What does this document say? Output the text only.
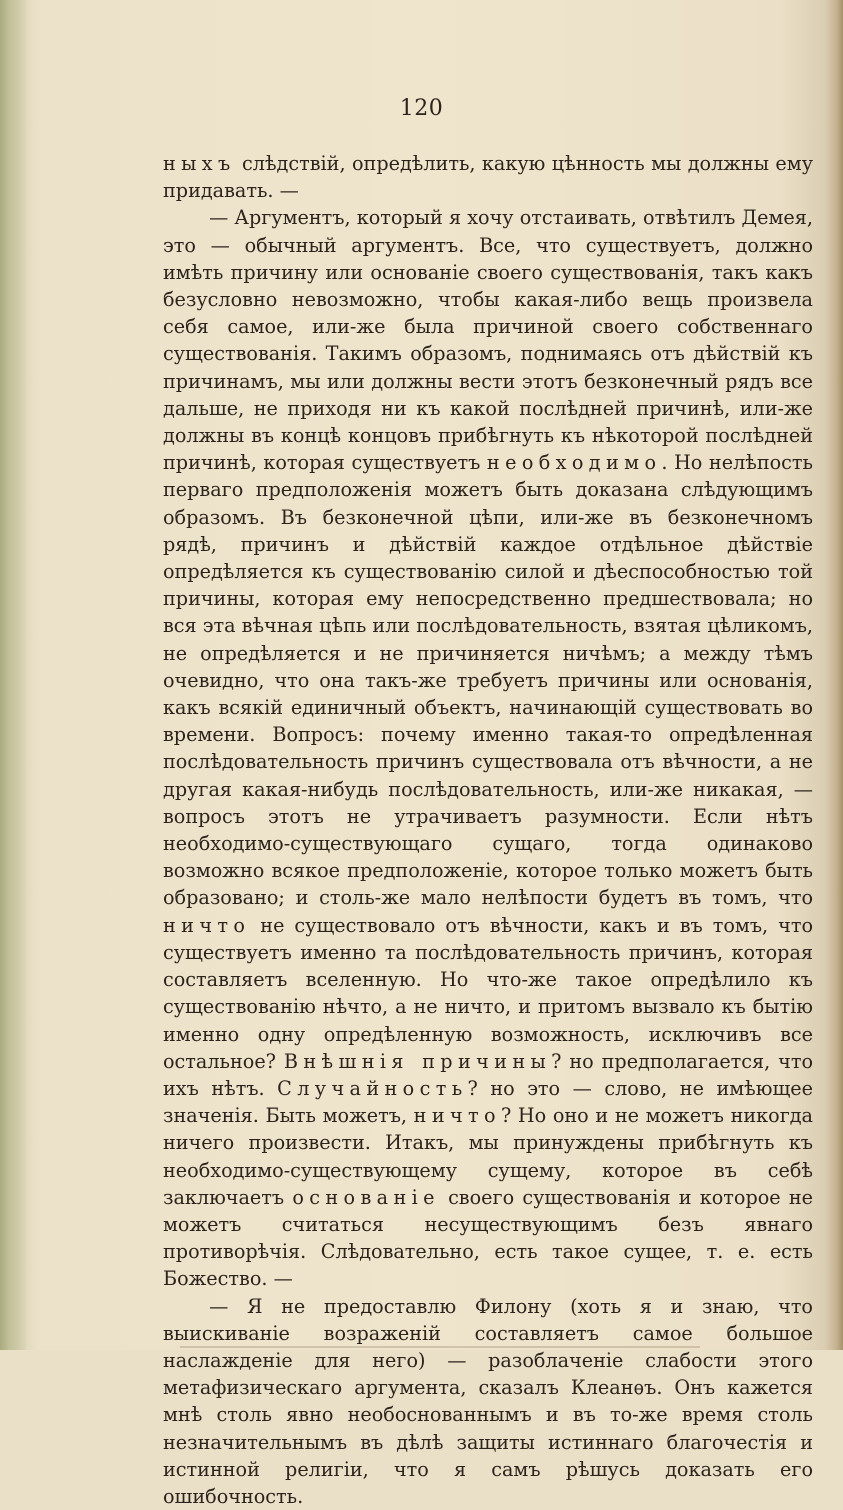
120

ныхъ слѣдствій, опредѣлить, какую цѣнность мы должны ему придавать. —

— Аргументъ, который я хочу отстаивать, отвѣтилъ Демея, это — обычный аргументъ. Все, что существуетъ, должно имѣть причину или основаніе своего существованія, такъ какъ безусловно невозможно, чтобы какая-либо вещь произвела себя самое, или-же была причиной своего собственнаго существованія. Такимъ образомъ, поднимаясь отъ дѣйствій къ причинамъ, мы или должны вести этотъ безконечный рядъ все дальше, не приходя ни къ какой послѣдней причинѣ, или-же должны въ концѣ концовъ прибѣгнуть къ нѣкоторой послѣдней причинѣ, которая существуетъ необходимо. Но нелѣпость перваго предположенія можетъ быть доказана слѣдующимъ образомъ. Въ безконечной цѣпи, или-же въ безконечномъ рядѣ, причинъ и дѣйствій каждое отдѣльное дѣйствіе опредѣляется къ существованію силой и дѣеспособностью той причины, которая ему непосредственно предшествовала; но вся эта вѣчная цѣпь или послѣдовательность, взятая цѣликомъ, не опредѣляется и не причиняется ничѣмъ; а между тѣмъ очевидно, что она такъ-же требуетъ причины или основанія, какъ всякій единичный объектъ, начинающій существовать во времени. Вопросъ: почему именно такая-то опредѣленная послѣдовательность причинъ существовала отъ вѣчности, а не другая какая-нибудь послѣдовательность, или-же никакая, — вопросъ этотъ не утрачиваетъ разумности. Если нѣтъ необходимо-существующаго сущаго, тогда одинаково возможно всякое предположеніе, которое только можетъ быть образовано; и столь-же мало нелѣпости будетъ въ томъ, что ничто не существовало отъ вѣчности, какъ и въ томъ, что существуетъ именно та послѣдовательность причинъ, которая составляетъ вселенную. Но что-же такое опредѣлило къ существованію нѣчто, а не ничто, и притомъ вызвало къ бытію именно одну опредѣленную возможность, исключивъ все остальное? Внѣшнія причины? но предполагается, что ихъ нѣтъ. Случайность? но это — слово, не имѣющее значенія. Быть можетъ, ничто? Но оно и не можетъ никогда ничего произвести. Итакъ, мы принуждены прибѣгнуть къ необходимо-существующему сущему, которое въ себѣ заключаетъ основаніе своего существованія и которое не можетъ считаться несуществующимъ безъ явнаго противорѣчія. Слѣдовательно, есть такое сущее, т. е. есть Божество. —

— Я не предоставлю Филону (хоть я и знаю, что выискиваніе возраженій составляетъ самое большое наслажденіе для него) — разоблаченіе слабости этого метафизическаго аргумента, сказалъ Клеанѳъ. Онъ кажется мнѣ столь явно необоснованнымъ и въ то-же время столь незначительнымъ въ дѣлѣ защиты истиннаго благочестія и истинной религіи, что я самъ рѣшусь доказать его ошибочность.
